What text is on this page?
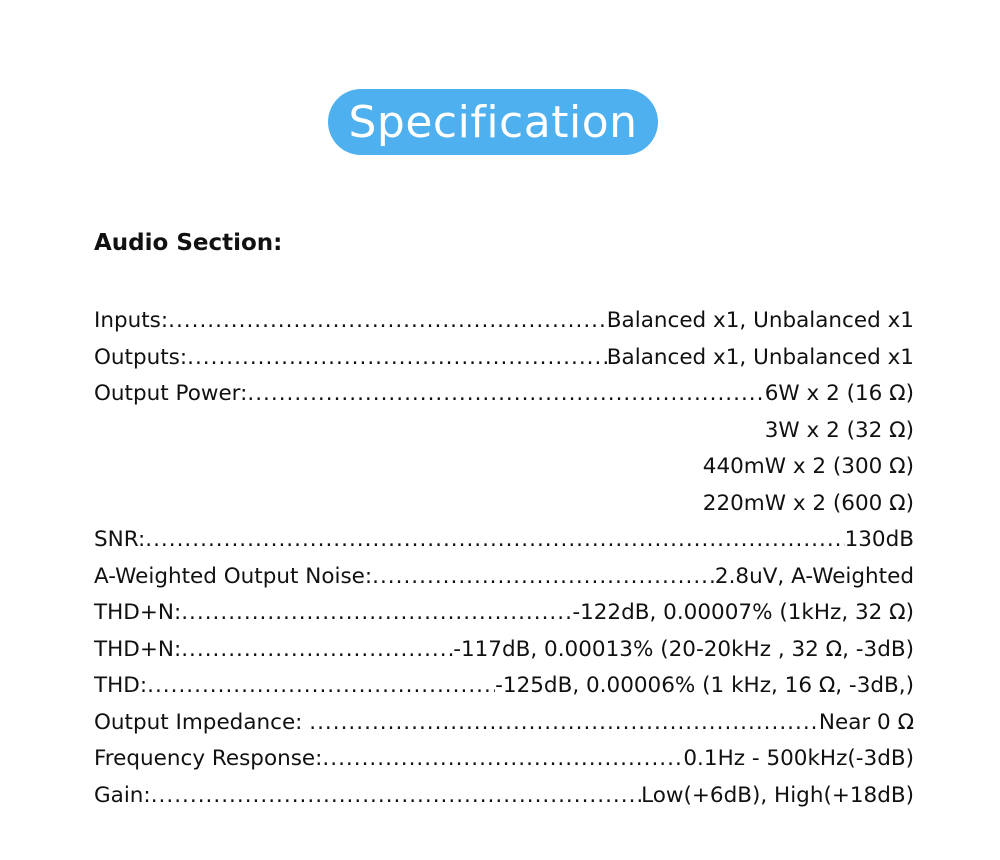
Specification
Audio Section:
Inputs: .....	Balanced x1, Unbalanced x1
Outputs: .....	Balanced x1, Unbalanced x1
Output Power: .....	6W x 2 (16 Ω)
3W x 2 (32 Ω)
440mW x 2 (300 Ω)
220mW x 2 (600 Ω)
SNR: .....	130dB
A-Weighted Output Noise: .....	2.8uV, A-Weighted
THD+N: .....	-122dB, 0.00007% (1kHz, 32 Ω)
THD+N: .....	-117dB, 0.00013% (20-20kHz , 32 Ω, -3dB)
THD: .....	-125dB, 0.00006% (1 kHz, 16 Ω, -3dB,)
Output Impedance: .....	Near 0 Ω
Frequency Response: .....	0.1Hz - 500kHz(-3dB)
Gain: .....	Low(+6dB), High(+18dB)
